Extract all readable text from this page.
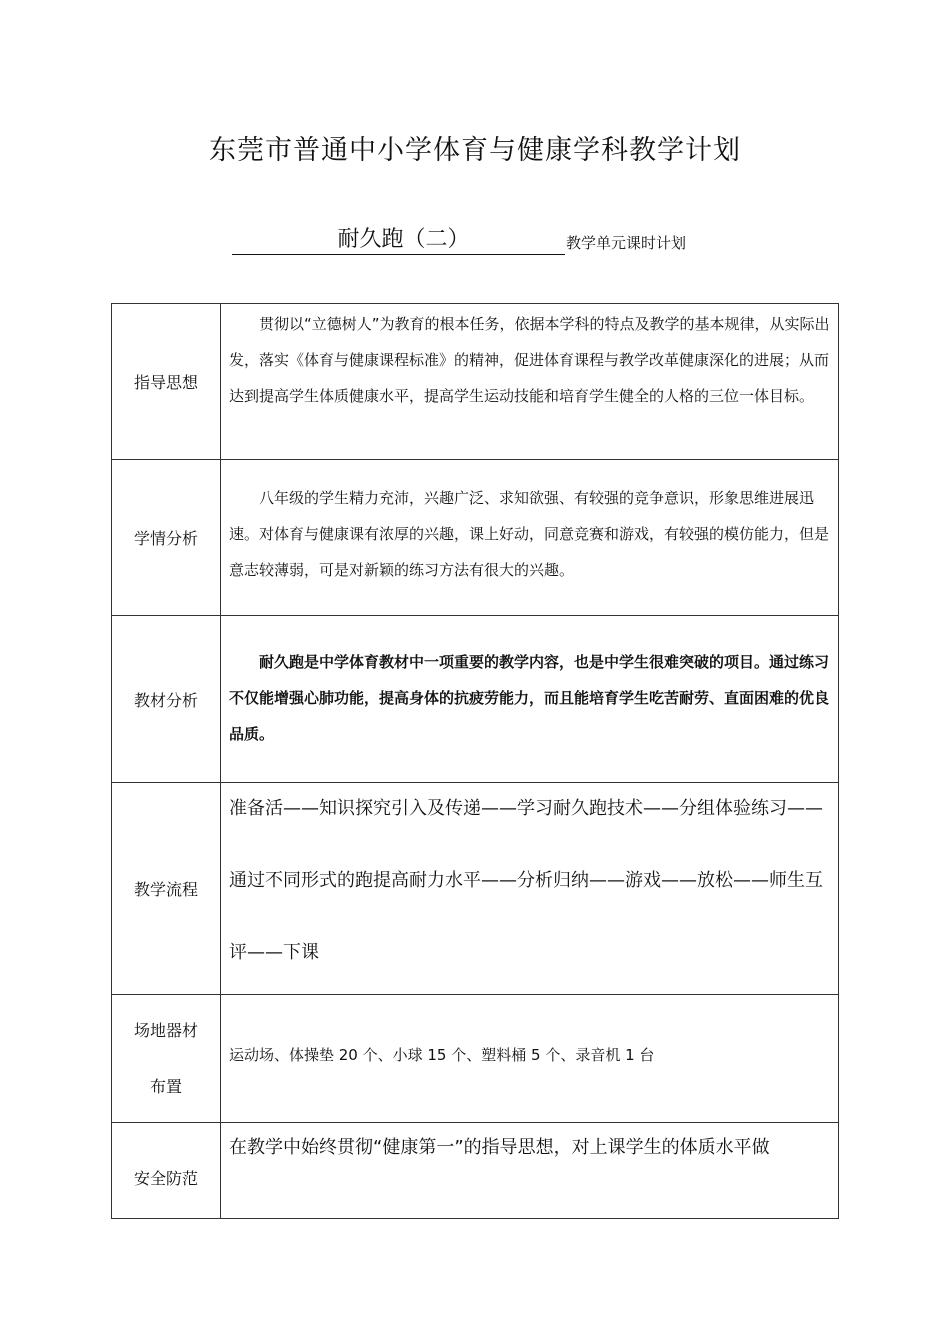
东莞市普通中小学体育与健康学科教学计划
耐久跑（二）	教学单元课时计划
指导思想	贯彻以“立德树人”为教育的根本任务，依据本学科的特点及教学的基本规律，从实际出发，落实《体育与健康课程标准》的精神，促进体育课程与教学改革健康深化的进展；从而达到提高学生体质健康水平，提高学生运动技能和培育学生健全的人格的三位一体目标。

学情分析	八年级的学生精力充沛，兴趣广泛、求知欲强、有较强的竞争意识，形象思维进展迅速。对体育与健康课有浓厚的兴趣，课上好动，同意竞赛和游戏，有较强的模仿能力，但是意志较薄弱，可是对新颖的练习方法有很大的兴趣。

教材分析	耐久跑是中学体育教材中一项重要的教学内容，也是中学生很难突破的项目。通过练习不仅能增强心肺功能，提高身体的抗疲劳能力，而且能培育学生吃苦耐劳、直面困难的优良品质。

教学流程	准备活——知识探究引入及传递——学习耐久跑技术——分组体验练习——通过不同形式的跑提高耐力水平——分析归纳——游戏——放松——师生互评——下课

场地器材
布置	运动场、体操垫 20 个、小球 15 个、塑料桶 5 个、录音机 1 台

安全防范	在教学中始终贯彻“健康第一”的指导思想，对上课学生的体质水平做
